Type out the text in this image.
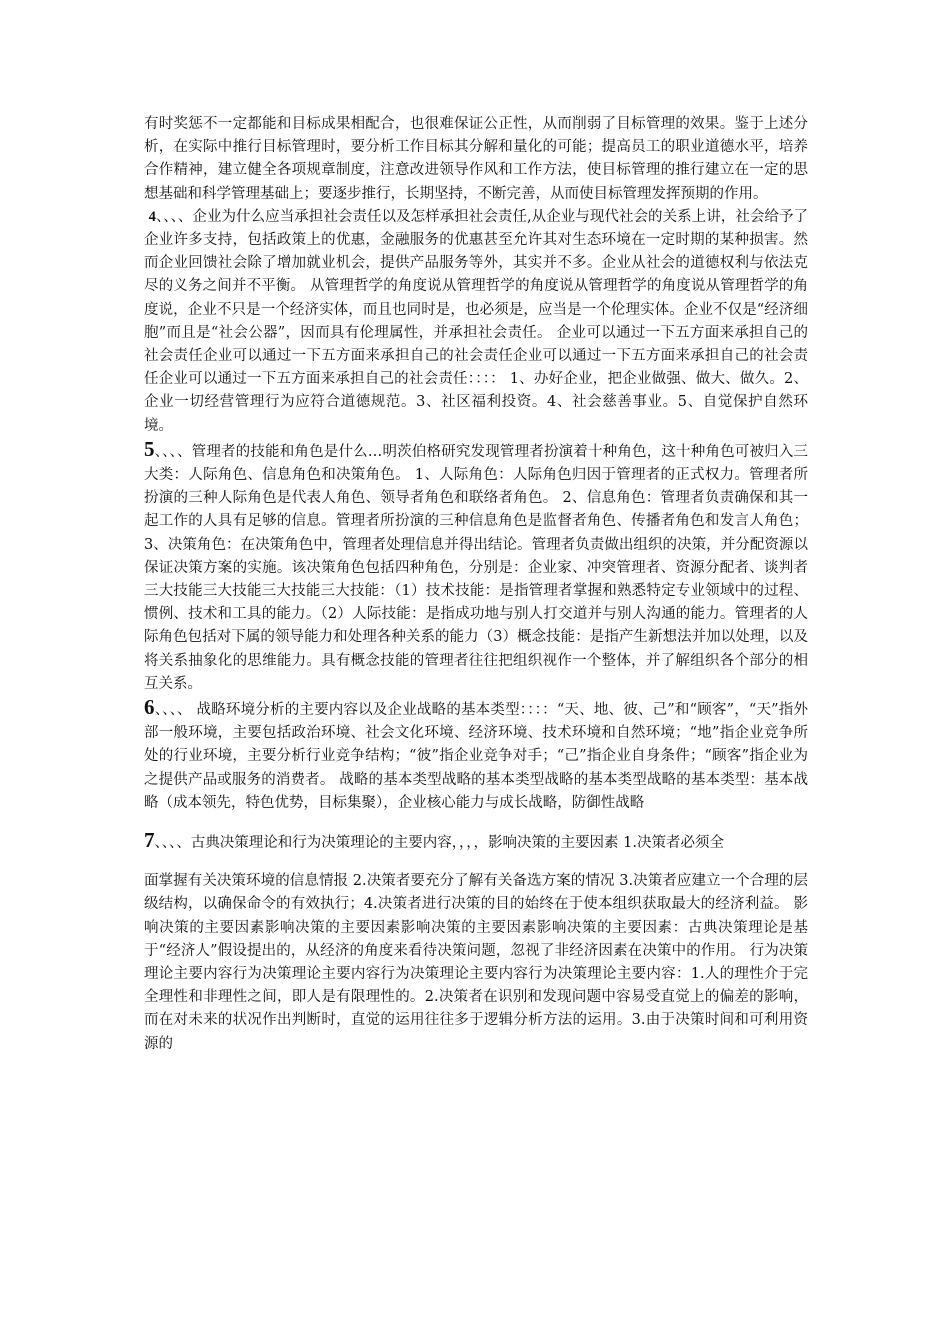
有时奖惩不一定都能和目标成果相配合，也很难保证公正性，从而削弱了目标管理的效果。鉴于上述分析，在实际中推行目标管理时，要分析工作目标其分解和量化的可能；提高员工的职业道德水平，培养合作精神，建立健全各项规章制度，注意改进领导作风和工作方法，使目标管理的推行建立在一定的思想基础和科学管理基础上；要逐步推行，长期坚持，不断完善，从而使目标管理发挥预期的作用。

4、、、、企业为什么应当承担社会责任以及怎样承担社会责任,从企业与现代社会的关系上讲，社会给予了企业许多支持，包括政策上的优惠，金融服务的优惠甚至允许其对生态环境在一定时期的某种损害。然而企业回馈社会除了增加就业机会，提供产品服务等外，其实并不多。企业从社会的道德权利与依法克尽的义务之间并不平衡。 从管理哲学的角度说从管理哲学的角度说从管理哲学的角度说从管理哲学的角度说，企业不只是一个经济实体，而且也同时是，也必须是，应当是一个伦理实体。企业不仅是“经济细胞”而且是“社会公器”，因而具有伦理属性，并承担社会责任。 企业可以通过一下五方面来承担自己的社会责任企业可以通过一下五方面来承担自己的社会责任企业可以通过一下五方面来承担自己的社会责任企业可以通过一下五方面来承担自己的社会责任：：：： 1、办好企业，把企业做强、做大、做久。2、企业一切经营管理行为应符合道德规范。3、社区福利投资。4、社会慈善事业。5、自觉保护自然环境。

5、、、、管理者的技能和角色是什么…明茨伯格研究发现管理者扮演着十种角色，这十种角色可被归入三大类：人际角色、信息角色和决策角色。 1、人际角色：人际角色归因于管理者的正式权力。管理者所扮演的三种人际角色是代表人角色、领导者角色和联络者角色。 2、信息角色：管理者负责确保和其一起工作的人具有足够的信息。管理者所扮演的三种信息角色是监督者角色、传播者角色和发言人角色；3、决策角色：在决策角色中，管理者处理信息并得出结论。管理者负责做出组织的决策，并分配资源以保证决策方案的实施。该决策角色包括四种角色，分别是：企业家、冲突管理者、资源分配者、谈判者 三大技能三大技能三大技能三大技能：（1）技术技能：是指管理者掌握和熟悉特定专业领域中的过程、惯例、技术和工具的能力。（2）人际技能：是指成功地与别人打交道并与别人沟通的能力。管理者的人际角色包括对下属的领导能力和处理各种关系的能力（3）概念技能：是指产生新想法并加以处理，以及将关系抽象化的思维能力。具有概念技能的管理者往往把组织视作一个整体，并了解组织各个部分的相互关系。

6、、、、 战略环境分析的主要内容以及企业战略的基本类型：：：：“天、地、彼、己”和“顾客”，“天”指外部一般环境，主要包括政治环境、社会文化环境、经济环境、技术环境和自然环境；“地”指企业竞争所处的行业环境，主要分析行业竞争结构；“彼”指企业竞争对手；“己”指企业自身条件；“顾客”指企业为之提供产品或服务的消费者。 战略的基本类型战略的基本类型战略的基本类型战略的基本类型：基本战略（成本领先，特色优势，目标集聚），企业核心能力与成长战略，防御性战略

7、、、、古典决策理论和行为决策理论的主要内容，，，，影响决策的主要因素 1.决策者必须全

面掌握有关决策环境的信息情报 2.决策者要充分了解有关备选方案的情况 3.决策者应建立一个合理的层级结构，以确保命令的有效执行；4.决策者进行决策的目的始终在于使本组织获取最大的经济利益。 影响决策的主要因素影响决策的主要因素影响决策的主要因素影响决策的主要因素：古典决策理论是基于“经济人”假设提出的，从经济的角度来看待决策问题，忽视了非经济因素在决策中的作用。 行为决策理论主要内容行为决策理论主要内容行为决策理论主要内容行为决策理论主要内容：1.人的理性介于完全理性和非理性之间，即人是有限理性的。2.决策者在识别和发现问题中容易受直觉上的偏差的影响，而在对未来的状况作出判断时，直觉的运用往往多于逻辑分析方法的运用。3.由于决策时间和可利用资源的
